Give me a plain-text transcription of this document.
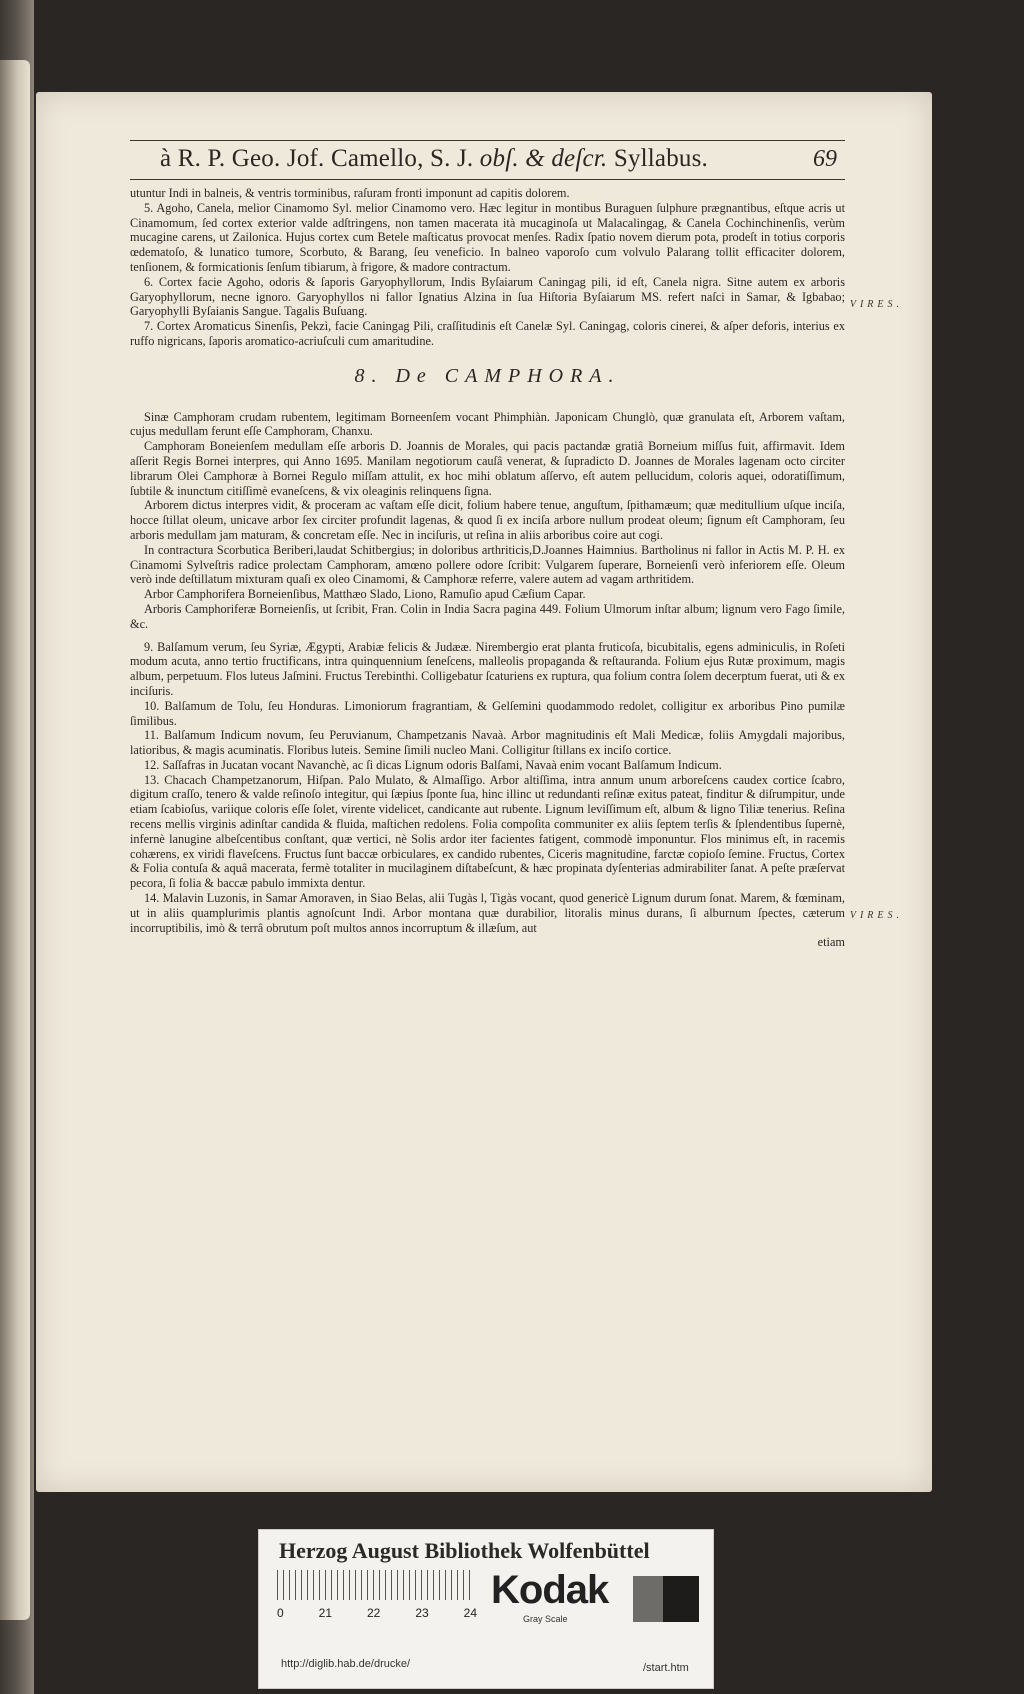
à R. P. Geo. Jof. Camello, S. J. obſ. & deſcr. Syllabus.	69
VIRES.

utuntur Indi in balneis, & ventris torminibus, raſuram fronti imponunt ad capitis dolorem.

5. Agoho, Canela, melior Cinamomo Syl. melior Cinamomo vero. Hæc legitur in montibus Buraguen ſulphure prægnantibus, eſtque acris ut Cinamomum, ſed cortex exterior valde adſtringens, non tamen macerata ità mucaginoſa ut Malacalingag, & Canela Cochinchinenſis, verùm mucagine carens, ut Zailonica. Hujus cortex cum Betele maſticatus provocat menſes. Radix ſpatio novem dierum pota, prodeſt in totius corporis œdematoſo, & lunatico tumore, Scorbuto, & Barang, ſeu veneficio. In balneo vaporoſo cum volvulo Palarang tollit efficaciter dolorem, tenſionem, & formicationis ſenſum tibiarum, à frigore, & madore contractum.

6. Cortex facie Agoho, odoris & ſaporis Garyophyllorum, Indis Byſaiarum Caningag pili, id eſt, Canela nigra. Sitne autem ex arboris Garyophyllorum, necne ignoro. Garyophyllos ni fallor Ignatius Alzina in ſua Hiſtoria Byſaiarum MS. refert naſci in Samar, & Igbabao; Garyophylli Byſaianis Sangue. Tagalis Buſuang.

7. Cortex Aromaticus Sinenſis, Pekzì, facie Caningag Pili, craſſitudinis eſt Canelæ Syl. Caningag, coloris cinerei, & aſper deforis, interius ex ruffo nigricans, ſaporis aromatico-acriuſculi cum amaritudine.

8. De CAMPHORA.

Sinæ Camphoram crudam rubentem, legitimam Borneenſem vocant Phimphiàn. Japonicam Chunglò, quæ granulata eſt, Arborem vaſtam, cujus medullam ferunt eſſe Camphoram, Chanxu.

Camphoram Boneienſem medullam eſſe arboris D. Joannis de Morales, qui pacis pactandæ gratiâ Borneium miſſus fuit, affirmavit. Idem aſſerit Regis Bornei interpres, qui Anno 1695. Manilam negotiorum cauſâ venerat, & ſupradicto D. Joannes de Morales lagenam octo circiter librarum Olei Camphoræ à Bornei Regulo miſſam attulit, ex hoc mihi oblatum aſſervo, eſt autem pellucidum, coloris aquei, odoratiſſimum, ſubtile & inunctum citiſſimè evaneſcens, & vix oleaginis relinquens ſigna.

Arborem dictus interpres vidit, & proceram ac vaſtam eſſe dicit, folium habere tenue, anguſtum, ſpithamæum; quæ meditullium uſque inciſa, hocce ſtillat oleum, unicave arbor ſex circiter profundit lagenas, & quod ſi ex inciſa arbore nullum prodeat oleum; ſignum eſt Camphoram, ſeu arboris medullam jam maturam, & concretam eſſe. Nec in inciſuris, ut reſina in aliis arboribus coire aut cogi.

In contractura Scorbutica Beriberi,laudat Schitbergius; in doloribus arthriticis,D.Joannes Haimnius. Bartholinus ni fallor in Actis M. P. H. ex Cinamomi Sylveſtris radice prolectam Camphoram, amœno pollere odore ſcribit: Vulgarem ſuperare, Borneienſi verò inferiorem eſſe. Oleum verò inde deſtillatum mixturam quaſi ex oleo Cinamomi, & Camphoræ referre, valere autem ad vagam arthritidem.

Arbor Camphorifera Borneienſibus, Matthæo Slado, Liono, Ramuſio apud Cæſium Capar.

Arboris Camphoriferæ Borneienſis, ut ſcribit, Fran. Colin in India Sacra pagina 449. Folium Ulmorum inſtar album; lignum vero Fago ſimile, &c.

9. Balſamum verum, ſeu Syriæ, Ægypti, Arabiæ felicis & Judææ. Nirembergio erat planta fruticoſa, bicubitalis, egens adminiculis, in Roſeti modum acuta, anno tertio fructificans, intra quinquennium ſeneſcens, malleolis propaganda & reſtauranda. Folium ejus Rutæ proximum, magis album, perpetuum. Flos luteus Jaſmini. Fructus Terebinthi. Colligebatur ſcaturiens ex ruptura, qua folium contra ſolem decerptum fuerat, uti & ex inciſuris.

10. Balſamum de Tolu, ſeu Honduras. Limoniorum fragrantiam, & Gelſemini quodammodo redolet, colligitur ex arboribus Pino pumilæ ſimilibus.

11. Balſamum Indicum novum, ſeu Peruvianum, Champetzanis Navaà. Arbor magnitudinis eſt Mali Medicæ, foliis Amygdali majoribus, latioribus, & magis acuminatis. Floribus luteis. Semine ſimili nucleo Mani. Colligitur ſtillans ex inciſo cortice.

12. Saſſafras in Jucatan vocant Navanchè, ac ſi dicas Lignum odoris Balſami, Navaà enim vocant Balſamum Indicum.

VIRES.

13. Chacach Champetzanorum, Hiſpan. Palo Mulato, & Almaſſigo. Arbor altiſſima, intra annum unum arboreſcens caudex cortice ſcabro, digitum craſſo, tenero & valde reſinoſo integitur, qui ſæpius ſponte ſua, hinc illinc ut redundanti reſinæ exitus pateat, finditur & diſrumpitur, unde etiam ſcabioſus, variique coloris eſſe ſolet, virente videlicet, candicante aut rubente. Lignum leviſſimum eſt, album & ligno Tiliæ tenerius. Reſina recens mellis virginis adinſtar candida & fluida, maſtichen redolens. Folia compoſita communiter ex aliis ſeptem terſis & ſplendentibus ſupernè, infernè lanugine albeſcentibus conſtant, quæ vertici, nè Solis ardor iter facientes fatigent, commodè imponuntur. Flos minimus eſt, in racemis cohærens, ex viridi flaveſcens. Fructus ſunt baccæ orbiculares, ex candido rubentes, Ciceris magnitudine, farctæ copioſo ſemine. Fructus, Cortex & Folia contuſa & aquâ macerata, fermè totaliter in mucilaginem diſtabeſcunt, & hæc propinata dyſenterias admirabiliter ſanat. A peſte præſervat pecora, ſi folia & baccæ pabulo immixta dentur.

14. Malavin Luzonis, in Samar Amoraven, in Siao Belas, alii Tugàs l, Tigàs vocant, quod genericè Lignum durum ſonat. Marem, & fœminam, ut in aliis quamplurimis plantis agnoſcunt Indi. Arbor montana quæ durabilior, litoralis minus durans, ſi alburnum ſpectes, cæterum incorruptibilis, imò & terrâ obrutum poſt multos annos incorruptum & illæſum, aut

etiam

Herzog August Bibliothek Wolfenbüttel
0	21	22	23	24
Kodak
Gray Scale
http://diglib.hab.de/drucke/	/start.htm
